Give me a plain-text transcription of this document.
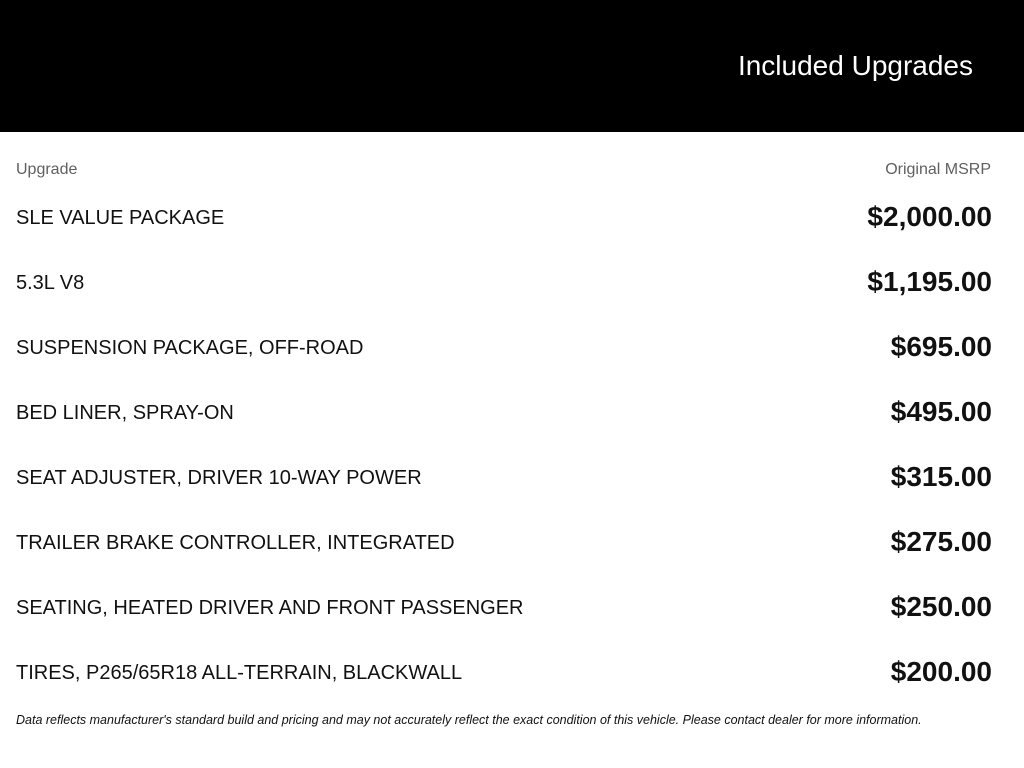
Included Upgrades
Upgrade	Original MSRP
SLE VALUE PACKAGE	$2,000.00
5.3L V8	$1,195.00
SUSPENSION PACKAGE, OFF-ROAD	$695.00
BED LINER, SPRAY-ON	$495.00
SEAT ADJUSTER, DRIVER 10-WAY POWER	$315.00
TRAILER BRAKE CONTROLLER, INTEGRATED	$275.00
SEATING, HEATED DRIVER AND FRONT PASSENGER	$250.00
TIRES, P265/65R18 ALL-TERRAIN, BLACKWALL	$200.00

Data reflects manufacturer's standard build and pricing and may not accurately reflect the exact condition of this vehicle. Please contact dealer for more information.
